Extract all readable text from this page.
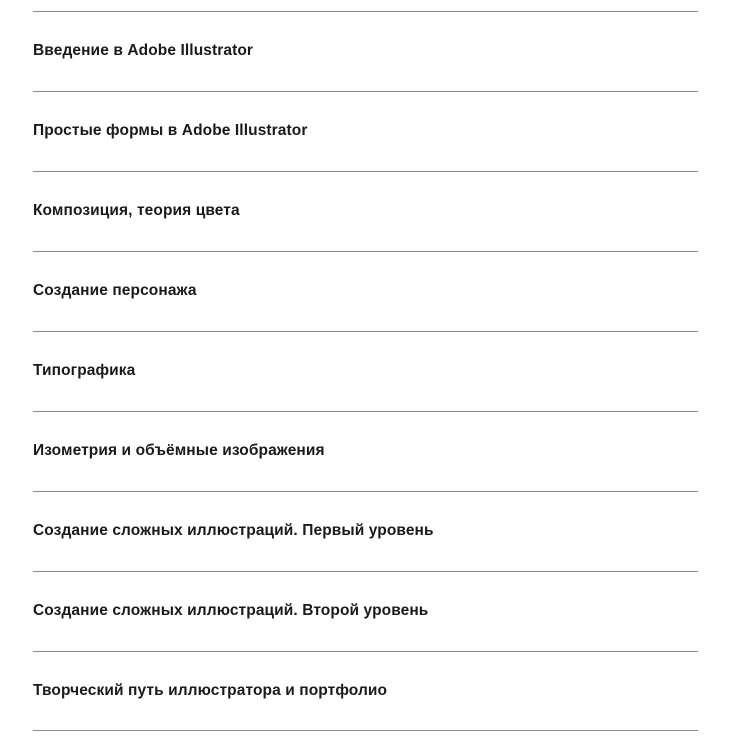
Введение в Adobe Illustrator
Простые формы в Adobe Illustrator
Композиция, теория цвета
Создание персонажа
Типографика
Изометрия и объёмные изображения
Создание сложных иллюстраций. Первый уровень
Создание сложных иллюстраций. Второй уровень
Творческий путь иллюстратора и портфолио
